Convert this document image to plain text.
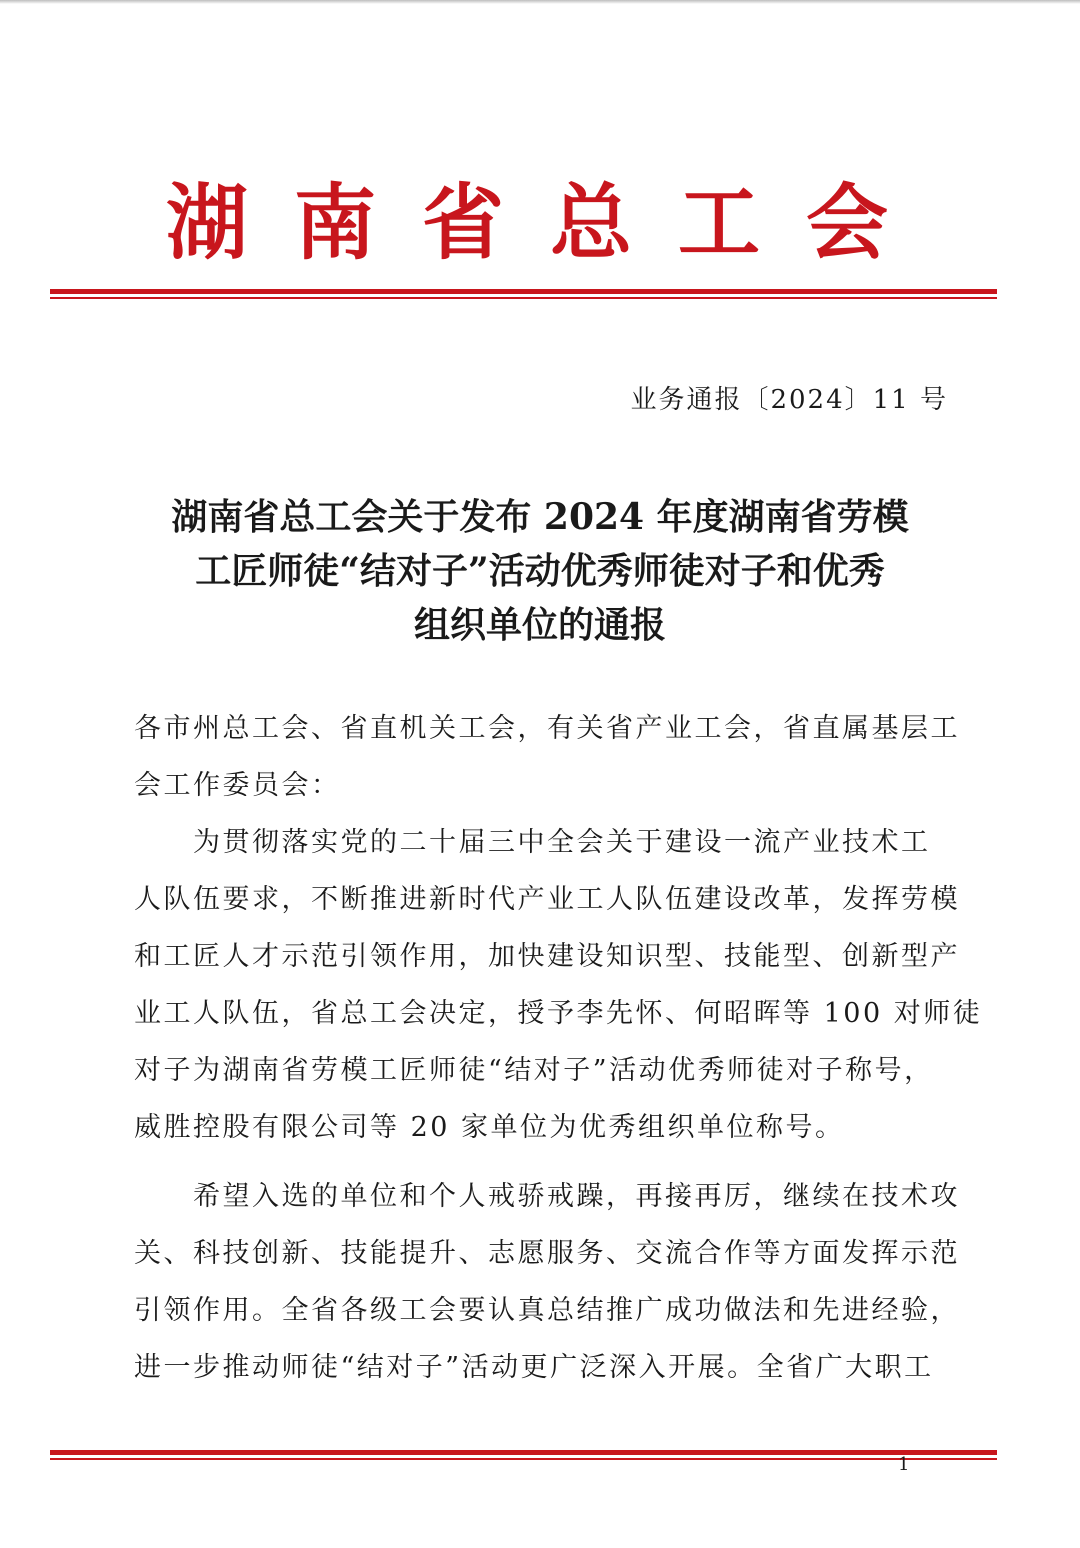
湖南省总工会
业务通报〔2024〕11 号
湖南省总工会关于发布 2024 年度湖南省劳模
工匠师徒“结对子”活动优秀师徒对子和优秀
组织单位的通报
各市州总工会、省直机关工会，有关省产业工会，省直属基层工
会工作委员会：
　　为贯彻落实党的二十届三中全会关于建设一流产业技术工
人队伍要求，不断推进新时代产业工人队伍建设改革，发挥劳模
和工匠人才示范引领作用，加快建设知识型、技能型、创新型产
业工人队伍，省总工会决定，授予李先怀、何昭晖等 100 对师徒
对子为湖南省劳模工匠师徒“结对子”活动优秀师徒对子称号，
威胜控股有限公司等 20 家单位为优秀组织单位称号。
　　希望入选的单位和个人戒骄戒躁，再接再厉，继续在技术攻
关、科技创新、技能提升、志愿服务、交流合作等方面发挥示范
引领作用。全省各级工会要认真总结推广成功做法和先进经验，
进一步推动师徒“结对子”活动更广泛深入开展。全省广大职工
1
